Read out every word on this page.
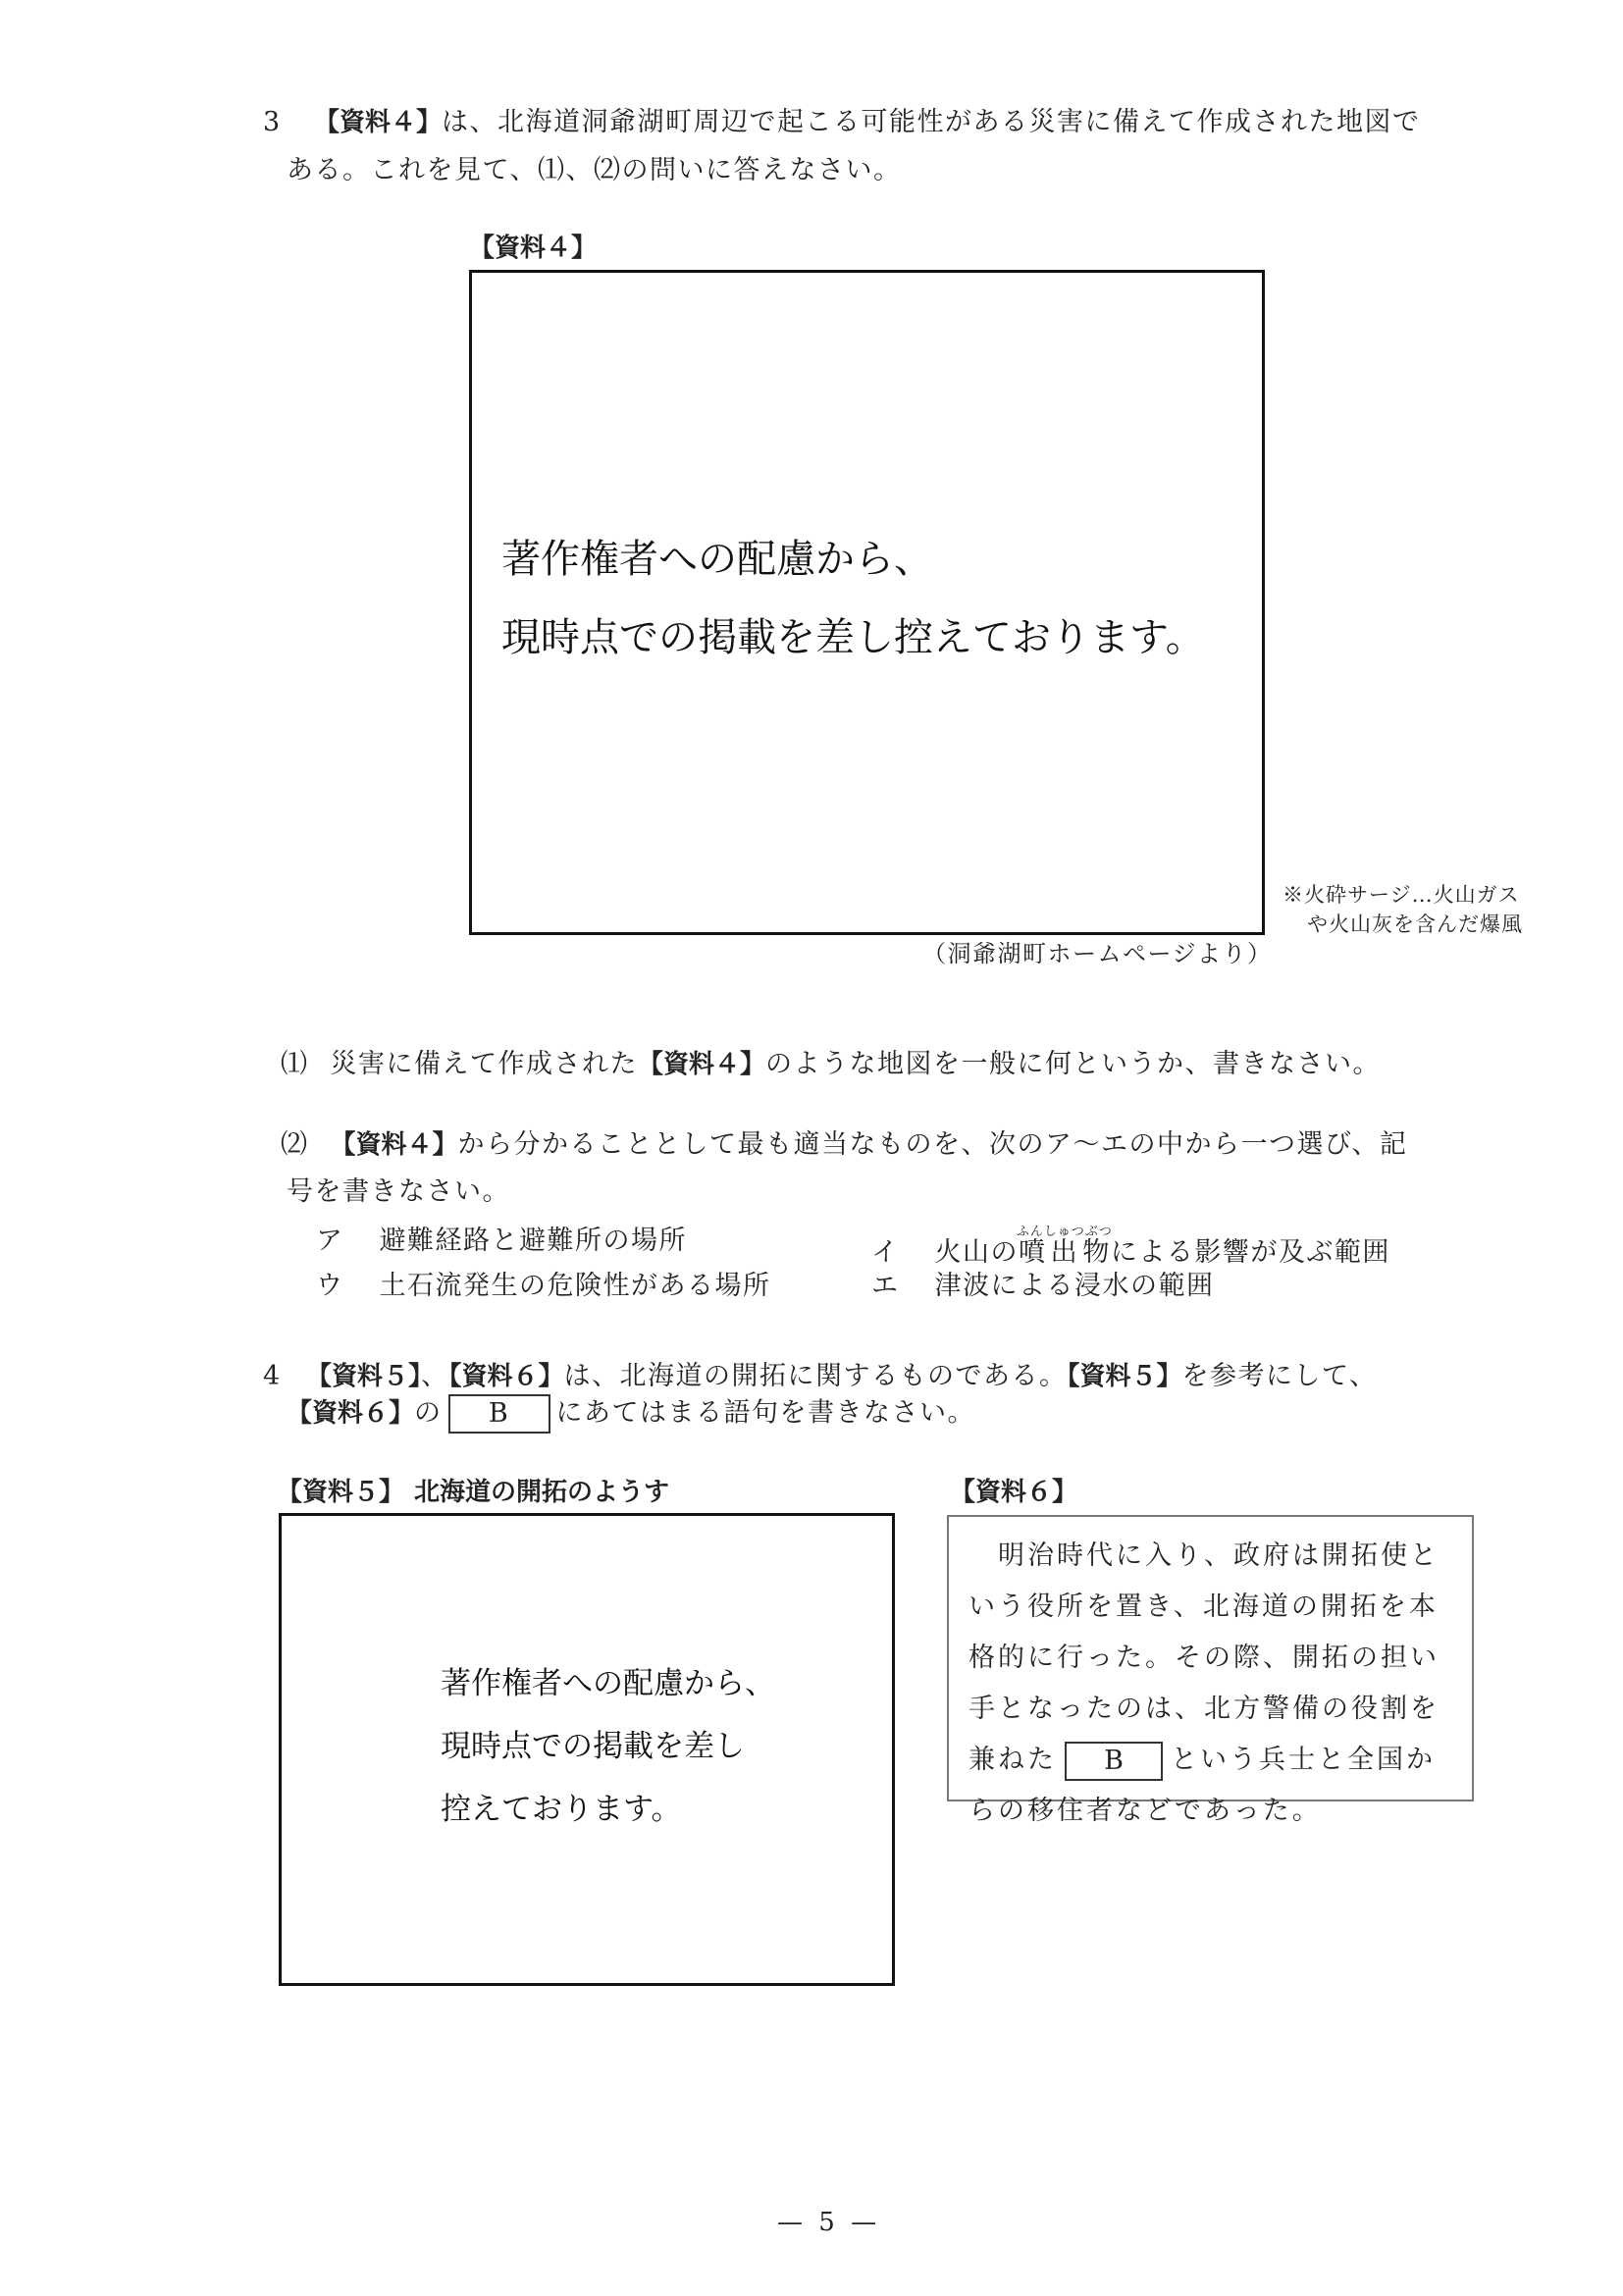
3 【資料４】は、北海道洞爺湖町周辺で起こる可能性がある災害に備えて作成された地図で
ある。これを見て、⑴、⑵の問いに答えなさい。
【資料４】
著作権者への配慮から、
現時点での掲載を差し控えております。
※火砕サージ…火山ガス
や火山灰を含んだ爆風
（洞爺湖町ホームページより）
⑴ 災害に備えて作成された【資料４】のような地図を一般に何というか、書きなさい。
⑵ 【資料４】から分かることとして最も適当なものを、次のア～エの中から一つ選び、記
号を書きなさい。
ア 避難経路と避難所の場所	イ 火山の噴出物ふんしゅつぶつによる影響が及ぶ範囲
ウ 土石流発生の危険性がある場所	エ 津波による浸水の範囲
4 【資料５】、【資料６】は、北海道の開拓に関するものである。【資料５】を参考にして、
【資料６】の B にあてはまる語句を書きなさい。
【資料５】 北海道の開拓のようす
著作権者への配慮から、
現時点での掲載を差し
控えております。
【資料６】
　明治時代に入り、政府は開拓使という役所を置き、北海道の開拓を本格的に行った。その際、開拓の担い手となったのは、北方警備の役割を兼ねた B という兵士と全国からの移住者などであった。
— 5 —
